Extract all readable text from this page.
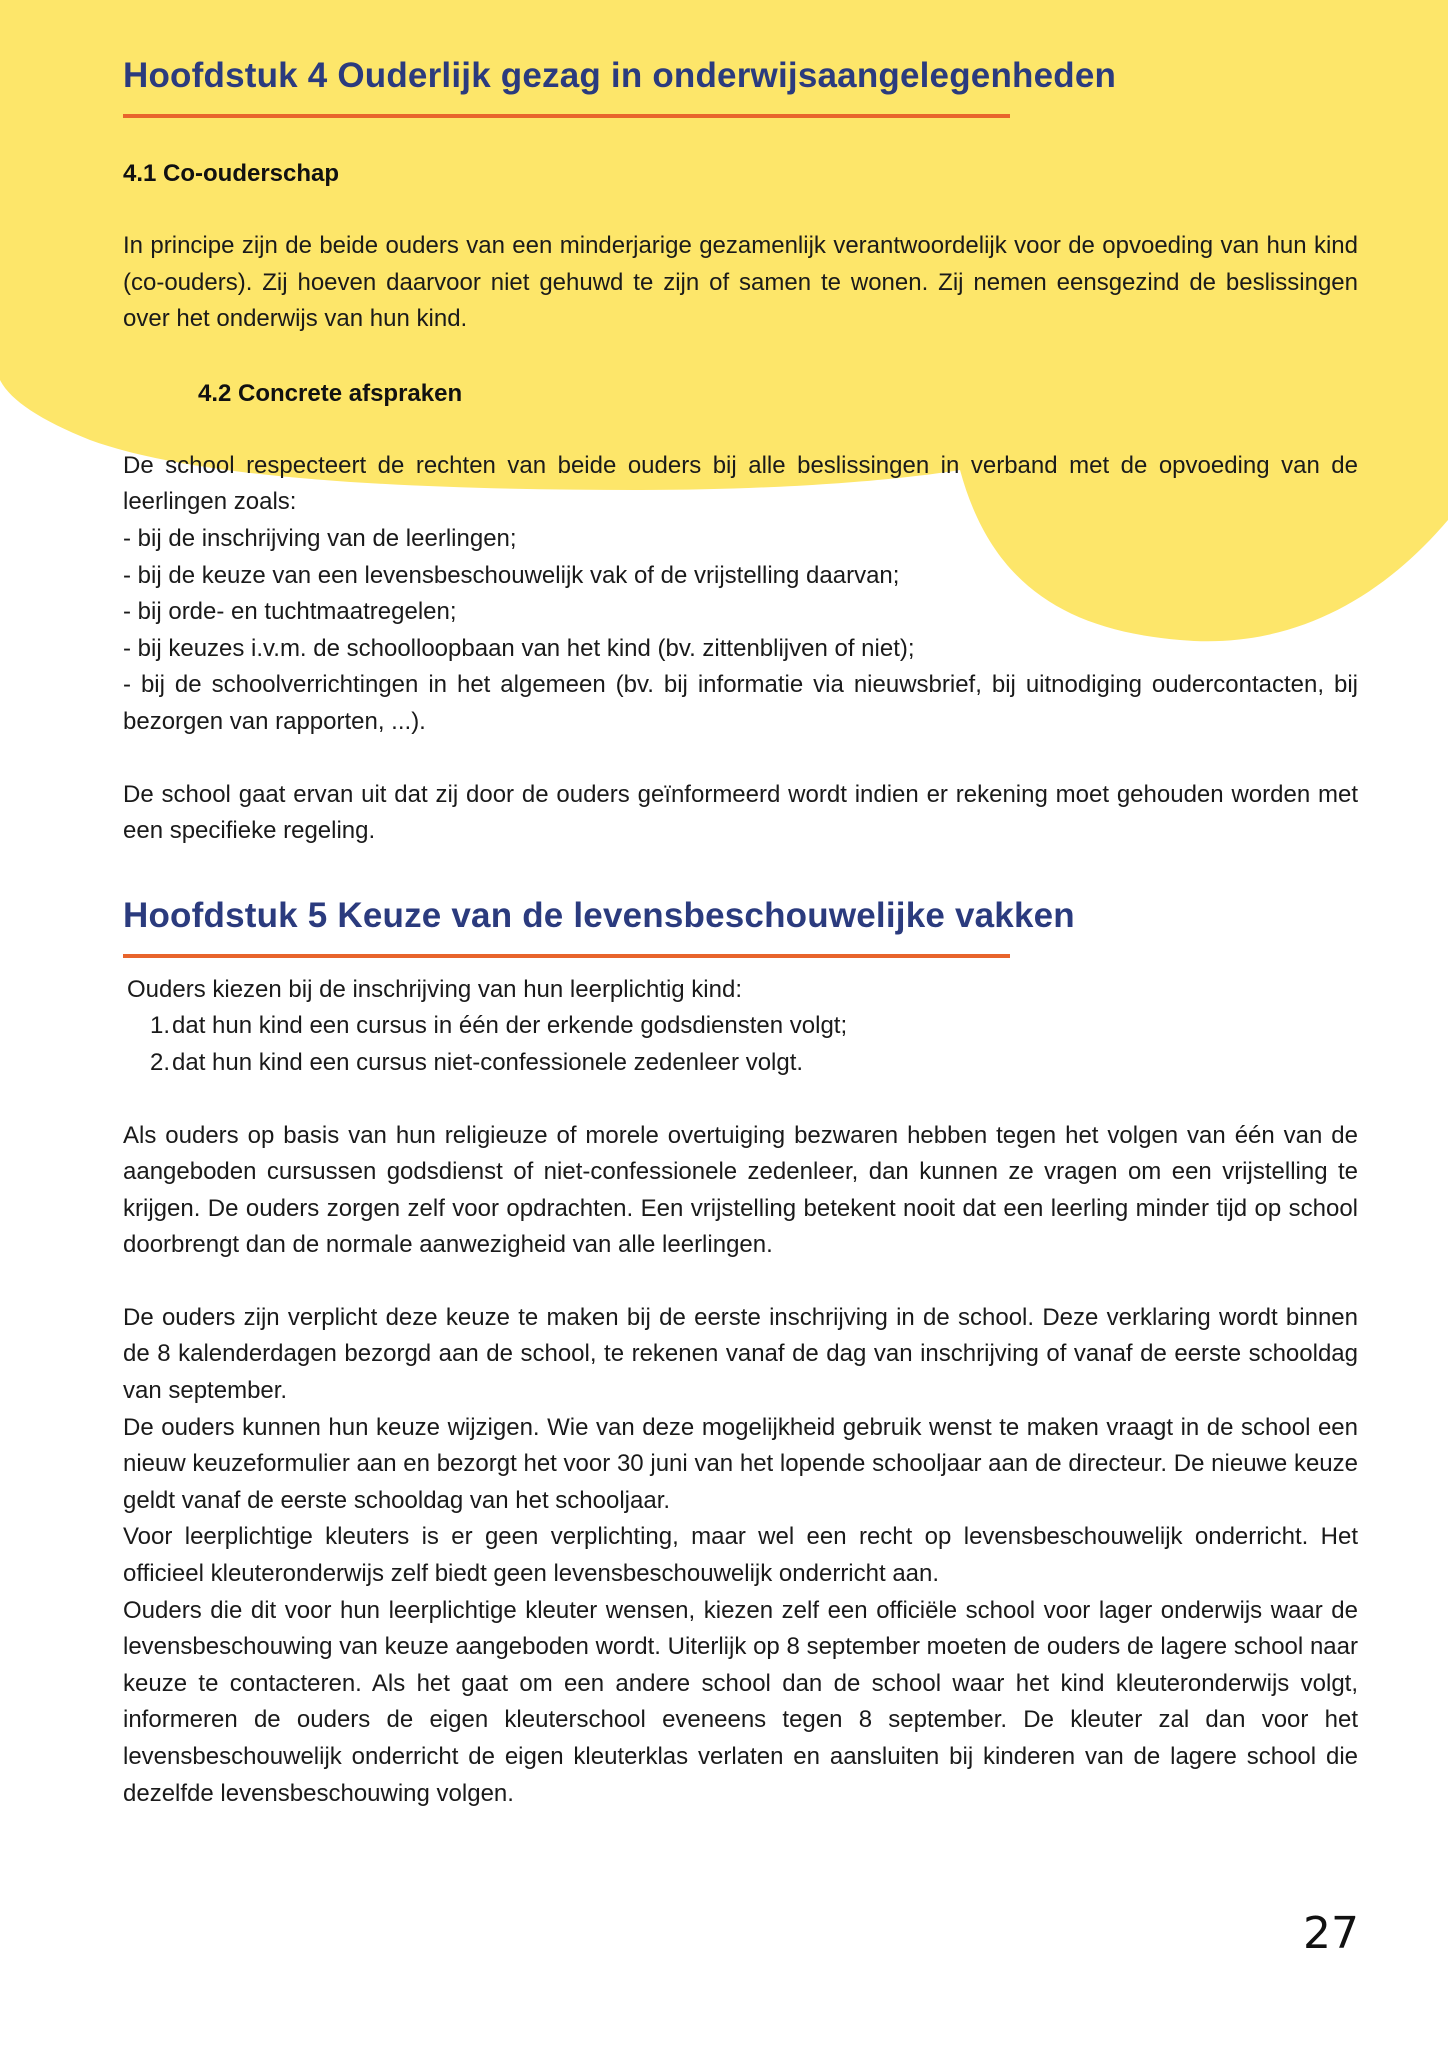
Hoofdstuk 4 Ouderlijk gezag in onderwijsaangelegenheden
4.1 Co-ouderschap

In principe zijn de beide ouders van een minderjarige gezamenlijk verantwoordelijk voor de opvoeding van hun kind (co-ouders). Zij hoeven daarvoor niet gehuwd te zijn of samen te wonen. Zij nemen eensgezind de beslissingen over het onderwijs van hun kind.

4.2 Concrete afspraken

De school respecteert de rechten van beide ouders bij alle beslissingen in verband met de opvoeding van de leerlingen zoals:
- bij de inschrijving van de leerlingen;
- bij de keuze van een levensbeschouwelijk vak of de vrijstelling daarvan;
- bij orde- en tuchtmaatregelen;
- bij keuzes i.v.m. de schoolloopbaan van het kind (bv. zittenblijven of niet);
- bij de schoolverrichtingen in het algemeen (bv. bij informatie via nieuwsbrief, bij uitnodiging oudercontacten, bij bezorgen van rapporten, ...).

De school gaat ervan uit dat zij door de ouders geïnformeerd wordt indien er rekening moet gehouden worden met een specifieke regeling.

Hoofdstuk 5 Keuze van de levensbeschouwelijke vakken

Ouders kiezen bij de inschrijving van hun leerplichtig kind:

1.dat hun kind een cursus in één der erkende godsdiensten volgt;
2.dat hun kind een cursus niet-confessionele zedenleer volgt.

Als ouders op basis van hun religieuze of morele overtuiging bezwaren hebben tegen het volgen van één van de aangeboden cursussen godsdienst of niet-confessionele zedenleer, dan kunnen ze vragen om een vrijstelling te krijgen. De ouders zorgen zelf voor opdrachten. Een vrijstelling betekent nooit dat een leerling minder tijd op school doorbrengt dan de normale aanwezigheid van alle leerlingen.

De ouders zijn verplicht deze keuze te maken bij de eerste inschrijving in de school. Deze verklaring wordt binnen de 8 kalenderdagen bezorgd aan de school, te rekenen vanaf de dag van inschrijving of vanaf de eerste schooldag van september.

De ouders kunnen hun keuze wijzigen. Wie van deze mogelijkheid gebruik wenst te maken vraagt in de school een nieuw keuzeformulier aan en bezorgt het voor 30 juni van het lopende schooljaar aan de directeur. De nieuwe keuze geldt vanaf de eerste schooldag van het schooljaar.

Voor leerplichtige kleuters is er geen verplichting, maar wel een recht op levensbeschouwelijk onderricht. Het officieel kleuteronderwijs zelf biedt geen levensbeschouwelijk onderricht aan.

Ouders die dit voor hun leerplichtige kleuter wensen, kiezen zelf een officiële school voor lager onderwijs waar de levensbeschouwing van keuze aangeboden wordt. Uiterlijk op 8 september moeten de ouders de lagere school naar keuze te contacteren. Als het gaat om een andere school dan de school waar het kind kleuteronderwijs volgt, informeren de ouders de eigen kleuterschool eveneens tegen 8 september. De kleuter zal dan voor het levensbeschouwelijk onderricht de eigen kleuterklas verlaten en aansluiten bij kinderen van de lagere school die dezelfde levensbeschouwing volgen.

27
